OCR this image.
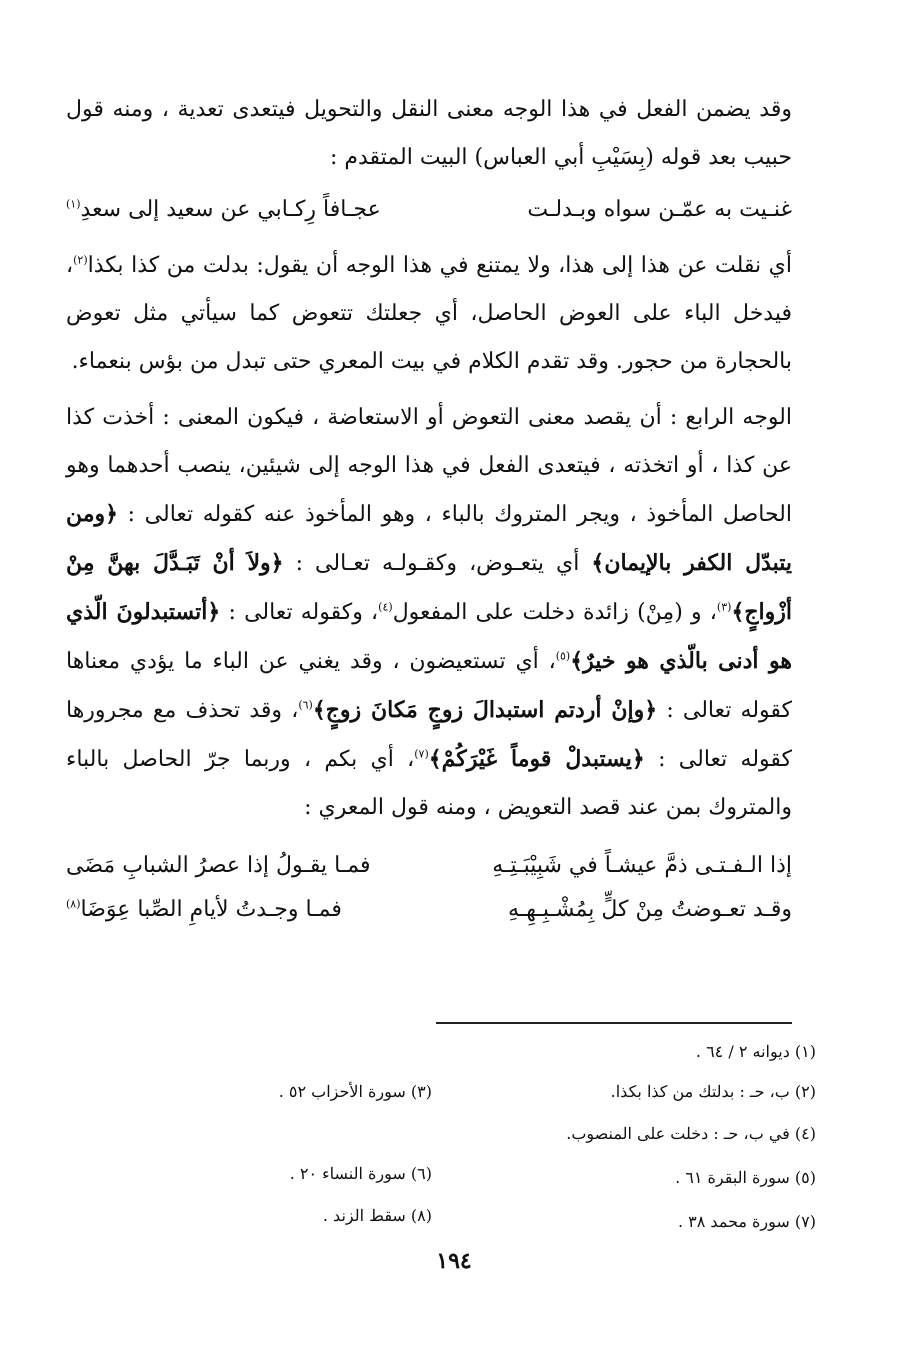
وقد يضمن الفعل في هذا الوجه معنى النقل والتحويل فيتعدى تعدية ، ومنه قول حبيب بعد قوله (بِسَيْبِ أبي العباس) البيت المتقدم :

غنـيت به عمّـن سواه وبـدلـت
عجـافاً رِكـابي عن سعيد إلى سعدِ$^{(١)}$

أي نقلت عن هذا إلى هذا، ولا يمتنع في هذا الوجه أن يقول: بدلت من كذا بكذا$^{(٢)}$، فيدخل الباء على العوض الحاصل، أي جعلتك تتعوض كما سيأتي مثل تعوض بالحجارة من حجور. وقد تقدم الكلام في بيت المعري حتى تبدل من بؤس بنعماء.

الوجه الرابع : أن يقصد معنى التعوض أو الاستعاضة ، فيكون المعنى : أخذت كذا عن كذا ، أو اتخذته ، فيتعدى الفعل في هذا الوجه إلى شيئين، ينصب أحدهما وهو الحاصل المأخوذ ، ويجر المتروك بالباء ، وهو المأخوذ عنه كقوله تعالى : ﴿ومن يتبدّل الكفر بالإيمان﴾ أي يتعـوض، وكقـولـه تعـالى : ﴿ولاَ أنْ تَبَـدَّلَ بهنَّ مِنْ أزْواجٍ﴾$^{(٣)}$، و (مِنْ) زائدة دخلت على المفعول$^{(٤)}$، وكقوله تعالى : ﴿أتستبدلونَ الّذي هو أدنى بالّذي هو خيرٌ﴾$^{(٥)}$، أي تستعيضون ، وقد يغني عن الباء ما يؤدي معناها كقوله تعالى : ﴿وإنْ أردتم استبدالَ زوجٍ مَكانَ زوجٍ﴾$^{(٦)}$، وقد تحذف مع مجرورها كقوله تعالى : ﴿يستبدلْ قوماً غَيْرَكُمْ﴾$^{(٧)}$، أي بكم ، وربما جرّ الحاصل بالباء والمتروك بمن عند قصد التعويض ، ومنه قول المعري :

إذا الـفـتـى ذمَّ عيشـاً في شَبِيْبَـتِـهِ
فمـا يقـولُ إذا عصرُ الشبابِ مَضَى
وقـد تعـوضتُ مِنْ كلٍّ بِمُشْـبِـهِـهِ
فمـا وجـدتُ لأيامِ الصِّبا عِوَضَا$^{(٨)}$
(١) ديوانه ٢ / ٦٤ .
(٢) ب، حـ : بدلتك من كذا بكذا.
(٣) سورة الأحزاب ٥٢ .
(٤) في ب، حـ : دخلت على المنصوب.
(٥) سورة البقرة ٦١ .
(٦) سورة النساء ٢٠ .
(٧) سورة محمد ٣٨ .
(٨) سقط الزند .
١٩٤
